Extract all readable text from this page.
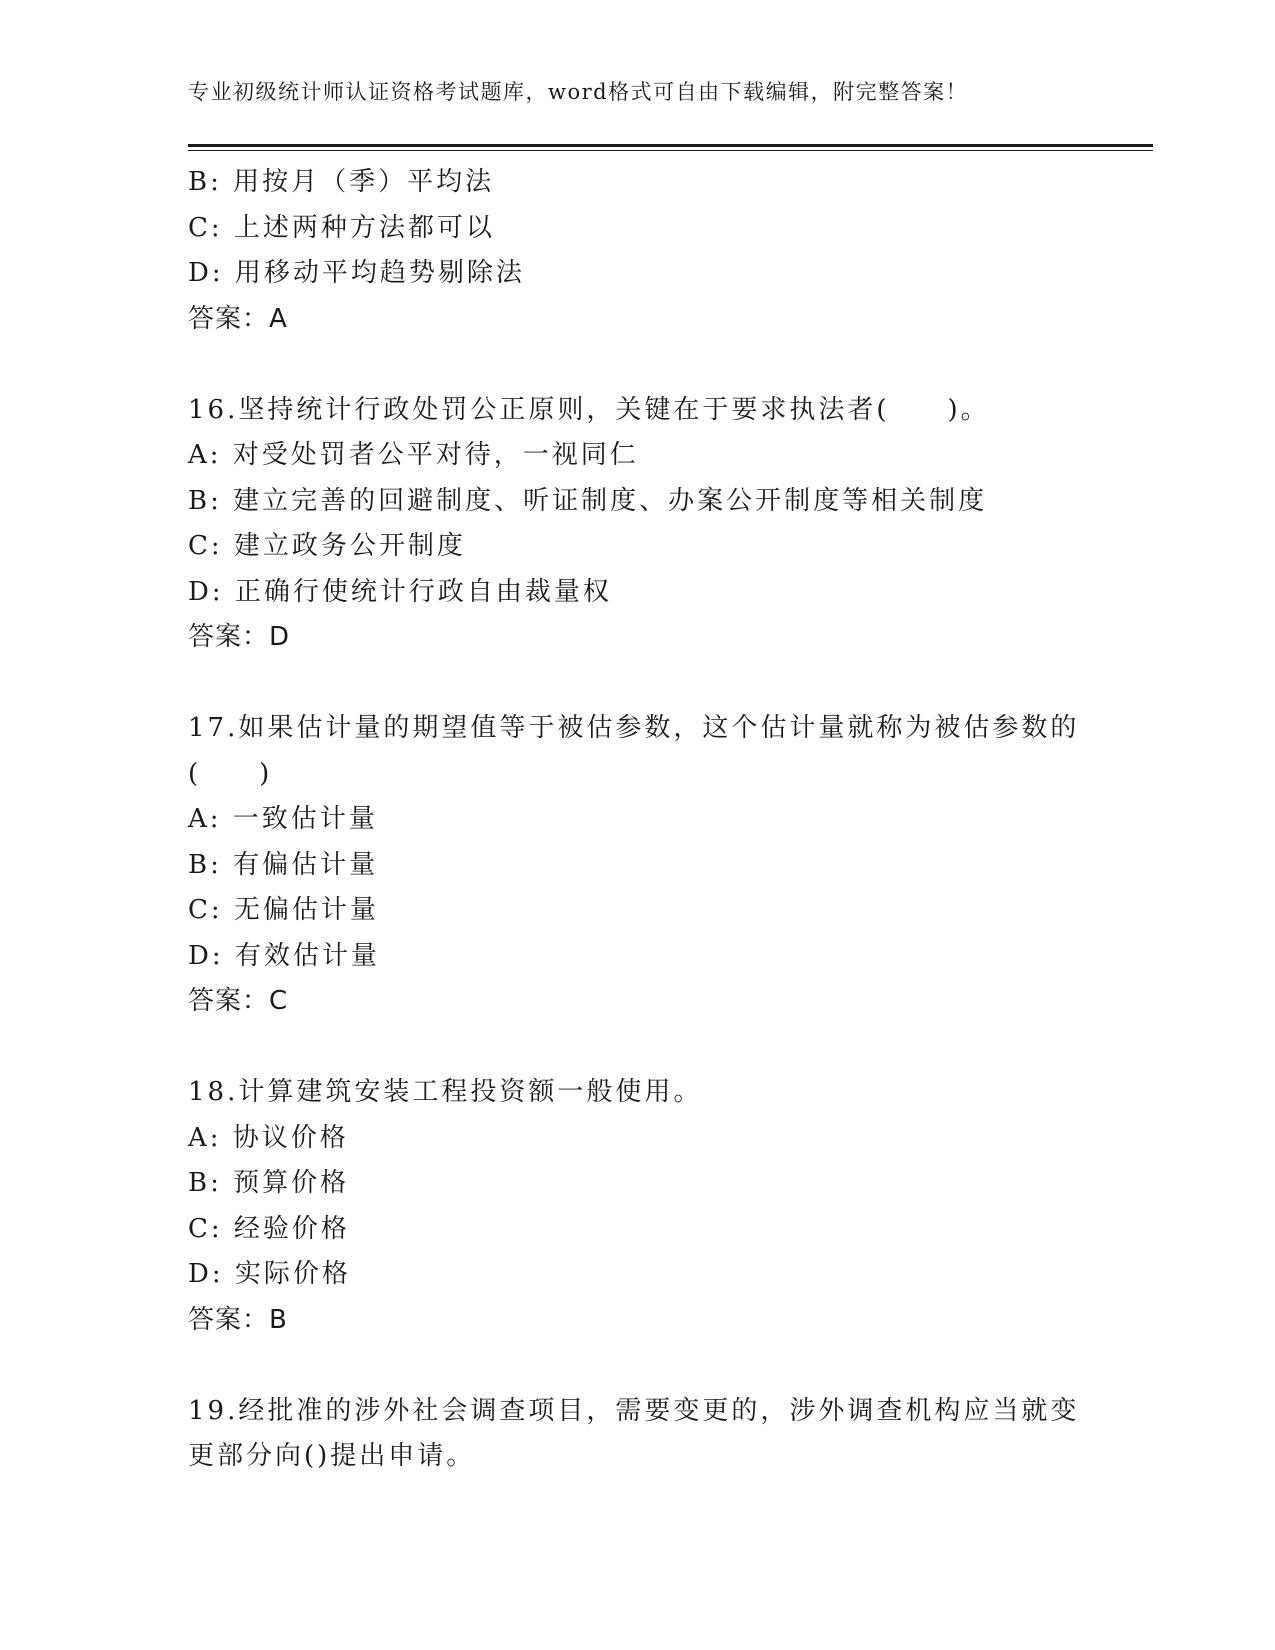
专业初级统计师认证资格考试题库，word格式可自由下载编辑，附完整答案！
B: 用按月（季）平均法
C: 上述两种方法都可以
D: 用移动平均趋势剔除法
答案：A
16.坚持统计行政处罚公正原则，关键在于要求执法者(　　)。
A: 对受处罚者公平对待，一视同仁
B: 建立完善的回避制度、听证制度、办案公开制度等相关制度
C: 建立政务公开制度
D: 正确行使统计行政自由裁量权
答案：D
17.如果估计量的期望值等于被估参数，这个估计量就称为被估参数的
(　　)
A: 一致估计量
B: 有偏估计量
C: 无偏估计量
D: 有效估计量
答案：C
18.计算建筑安装工程投资额一般使用。
A: 协议价格
B: 预算价格
C: 经验价格
D: 实际价格
答案：B
19.经批准的涉外社会调查项目，需要变更的，涉外调查机构应当就变
更部分向()提出申请。
